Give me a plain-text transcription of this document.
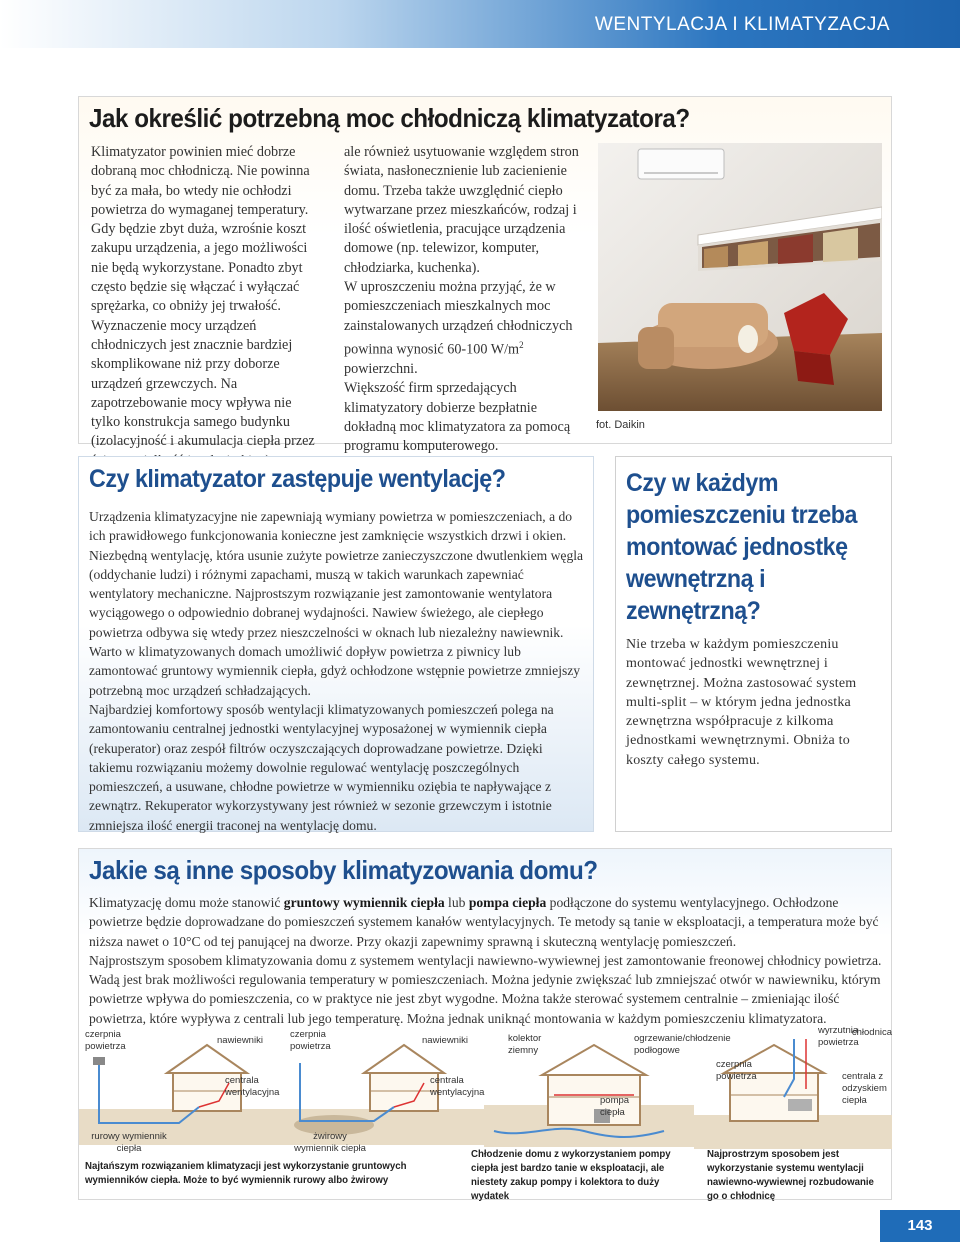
WENTYLACJA I KLIMATYZACJA
Jak określić potrzebną moc chłodniczą klimatyzatora?

Klimatyzator powinien mieć dobrze dobraną moc chłodniczą. Nie powinna być za mała, bo wtedy nie ochłodzi powietrza do wymaganej temperatury. Gdy będzie zbyt duża, wzrośnie koszt zakupu urządzenia, a jego możliwości nie będą wykorzystane. Ponadto zbyt często będzie się włączać i wyłączać sprężarka, co obniży jej trwałość.

Wyznaczenie mocy urządzeń chłodniczych jest znacznie bardziej skomplikowane niż przy doborze urządzeń grzewczych. Na zapotrzebowanie mocy wpływa nie tylko konstrukcja samego budynku (izolacyjność i akumulacja ciepła przez

ale również usytuowanie względem stron świata, nasłonecznienie lub zacienienie domu. Trzeba także uwzględnić ciepło wytwarzane przez mieszkańców, rodzaj i ilość oświetlenia, pracujące urządzenia domowe (np. telewizor, komputer, chłodziarka, kuchenka).

W uproszczeniu można przyjąć, że w pomieszczeniach mieszkalnych moc zainstalowanych urządzeń chłodniczych powinna wynosić 60-100 $W/m^2$ powierzchni.

Większość firm sprzedających klimatyzatory dobierze bezpłatnie dokładną moc klimatyzatora za pomocą programu komputerowego.

fot. Daikin
Czy klimatyzator zastępuje wentylację?

Urządzenia klimatyzacyjne nie zapewniają wymiany powietrza w pomieszczeniach, a do ich prawidłowego funkcjonowania konieczne jest zamknięcie wszystkich drzwi i okien.

Niezbędną wentylację, która usunie zużyte powietrze zanieczyszczone dwutlenkiem węgla (oddychanie ludzi) i różnymi zapachami, muszą w takich warunkach zapewniać wentylatory mechaniczne. Najprostszym rozwiązanie jest zamontowanie wentylatora wyciągowego o odpowiednio dobranej wydajności. Nawiew świeżego, ale ciepłego powietrza odbywa się wtedy przez nieszczelności w oknach lub niezależny nawiewnik.

Warto w klimatyzowanych domach umożliwić dopływ powietrza z piwnicy lub zamontować gruntowy wymiennik ciepła, gdyż ochłodzone wstępnie powietrze zmniejszy potrzebną moc urządzeń schładzających.

Najbardziej komfortowy sposób wentylacji klimatyzowanych pomieszczeń polega na zamontowaniu centralnej jednostki wentylacyjnej wyposażonej w wymiennik ciepła (rekuperator) oraz zespół filtrów oczyszczających doprowadzane powietrze. Dzięki takiemu rozwiązaniu możemy dowolnie regulować wentylację poszczególnych pomieszczeń, a usuwane, chłodne powietrze w wymienniku oziębia te napływające z zewnątrz. Rekuperator wykorzystywany jest również w sezonie grzewczym i istotnie zmniejsza ilość energii traconej na wentylację domu.

Czy w każdym pomieszczeniu trzeba montować jednostkę wewnętrzną i zewnętrzną?
Nie trzeba w każdym pomieszczeniu montować jednostki wewnętrznej i zewnętrznej. Można zastosować system multi-split – w którym jedna jednostka zewnętrzna współpracuje z kilkoma jednostkami wewnętrznymi. Obniża to koszty całego systemu.
Jakie są inne sposoby klimatyzowania domu?

Klimatyzację domu może stanowić gruntowy wymiennik ciepła lub pompa ciepła podłączone do systemu wentylacyjnego. Ochłodzone powietrze będzie doprowadzane do pomieszczeń systemem kanałów wentylacyjnych. Te metody są tanie w eksploatacji, a temperatura może być niższa nawet o 10°C od tej panującej na dworze. Przy okazji zapewnimy sprawną i skuteczną wentylację pomieszczeń.

Najprostszym sposobem klimatyzowania domu z systemem wentylacji nawiewno-wywiewnej jest zamontowanie freonowej chłodnicy powietrza. Wadą jest brak możliwości regulowania temperatury w pomieszczeniach. Można jedynie zwiększać lub zmniejszać otwór w nawiewniku, którym powietrze wpływa do pomieszczenia, co w praktyce nie jest zbyt wygodne. Można także sterować systemem centralnie – zmieniając ilość powietrza, które wypływa z centrali lub jego temperaturę. Można jednak uniknąć montowania w każdym pomieszczeniu klimatyzatora.

czerpnia powietrza
nawiewniki
centrala wentylacyjna
rurowy wymiennik ciepła
czerpnia powietrza
nawiewniki
centrala wentylacyjna
żwirowy wymiennik ciepła
Najtańszym rozwiązaniem klimatyzacji jest wykorzystanie gruntowych wymienników ciepła. Może to być wymiennik rurowy albo żwirowy
kolektor ziemny
ogrzewanie/chłodzenie podłogowe
pompa ciepła
Chłodzenie domu z wykorzystaniem pompy ciepła jest bardzo tanie w eksploatacji, ale niestety zakup pompy i kolektora to duży wydatek
wyrzutnia powietrza
chłodnica
czerpnia powietrza	centrala z odzyskiem ciepła
Najprostrzym sposobem jest wykorzystanie systemu wentylacji nawiewno-wywiewnej rozbudowanie go o chłodnicę
143
